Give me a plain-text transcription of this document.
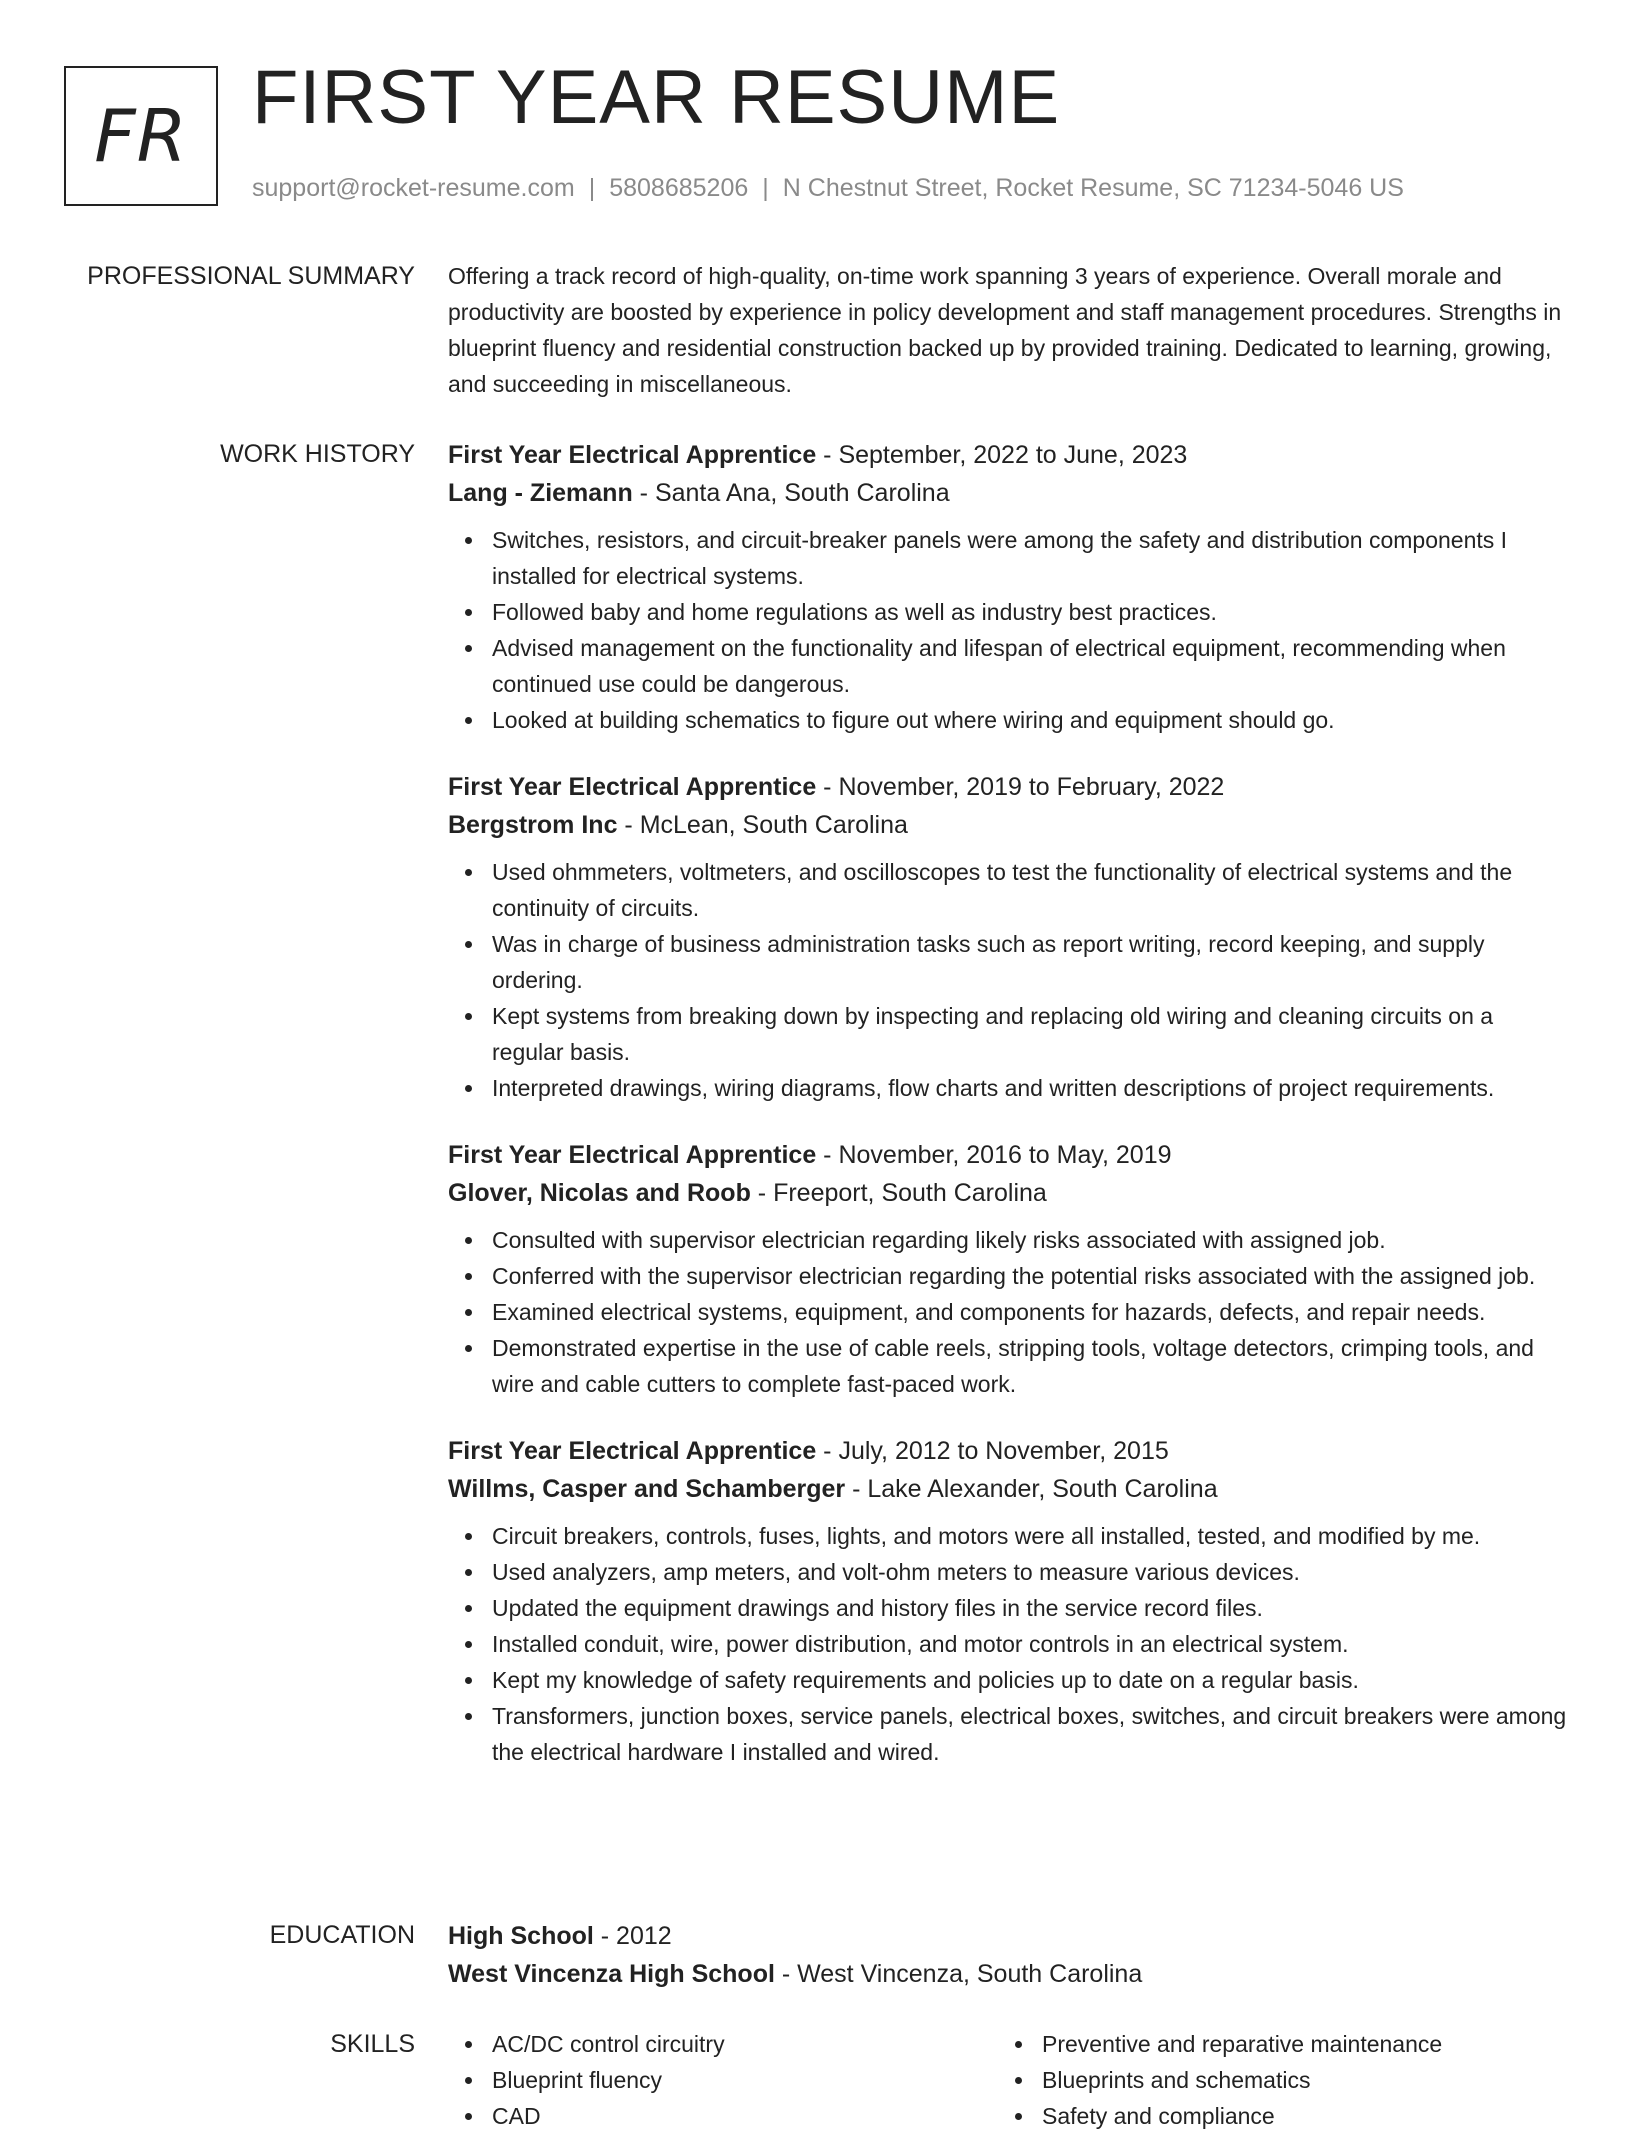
FR FIRST YEAR RESUME
support@rocket-resume.com | 5808685206 | N Chestnut Street, Rocket Resume, SC 71234-5046 US
PROFESSIONAL SUMMARY Offering a track record of high-quality, on-time work spanning 3 years of experience. Overall morale and productivity are boosted by experience in policy development and staff management procedures. Strengths in blueprint fluency and residential construction backed up by provided training. Dedicated to learning, growing, and succeeding in miscellaneous.

WORK HISTORY First Year Electrical Apprentice - September, 2022 to June, 2023
Lang - Ziemann - Santa Ana, South Carolina
Switches, resistors, and circuit-breaker panels were among the safety and distribution components I installed for electrical systems.
Followed baby and home regulations as well as industry best practices.
Advised management on the functionality and lifespan of electrical equipment, recommending when continued use could be dangerous.
Looked at building schematics to figure out where wiring and equipment should go.
First Year Electrical Apprentice - November, 2019 to February, 2022
Bergstrom Inc - McLean, South Carolina
Used ohmmeters, voltmeters, and oscilloscopes to test the functionality of electrical systems and the continuity of circuits.
Was in charge of business administration tasks such as report writing, record keeping, and supply ordering.
Kept systems from breaking down by inspecting and replacing old wiring and cleaning circuits on a regular basis.
Interpreted drawings, wiring diagrams, flow charts and written descriptions of project requirements.
First Year Electrical Apprentice - November, 2016 to May, 2019
Glover, Nicolas and Roob - Freeport, South Carolina
Consulted with supervisor electrician regarding likely risks associated with assigned job.
Conferred with the supervisor electrician regarding the potential risks associated with the assigned job.
Examined electrical systems, equipment, and components for hazards, defects, and repair needs.
Demonstrated expertise in the use of cable reels, stripping tools, voltage detectors, crimping tools, and wire and cable cutters to complete fast-paced work.
First Year Electrical Apprentice - July, 2012 to November, 2015
Willms, Casper and Schamberger - Lake Alexander, South Carolina
Circuit breakers, controls, fuses, lights, and motors were all installed, tested, and modified by me.
Used analyzers, amp meters, and volt-ohm meters to measure various devices.
Updated the equipment drawings and history files in the service record files.
Installed conduit, wire, power distribution, and motor controls in an electrical system.
Kept my knowledge of safety requirements and policies up to date on a regular basis.
Transformers, junction boxes, service panels, electrical boxes, switches, and circuit breakers were among the electrical hardware I installed and wired.
EDUCATION High School - 2012
West Vincenza High School - West Vincenza, South Carolina
SKILLS	AC/DC control circuitry
Blueprint fluency
CAD
Preventive and reparative maintenance
Blueprints and schematics
Safety and compliance
